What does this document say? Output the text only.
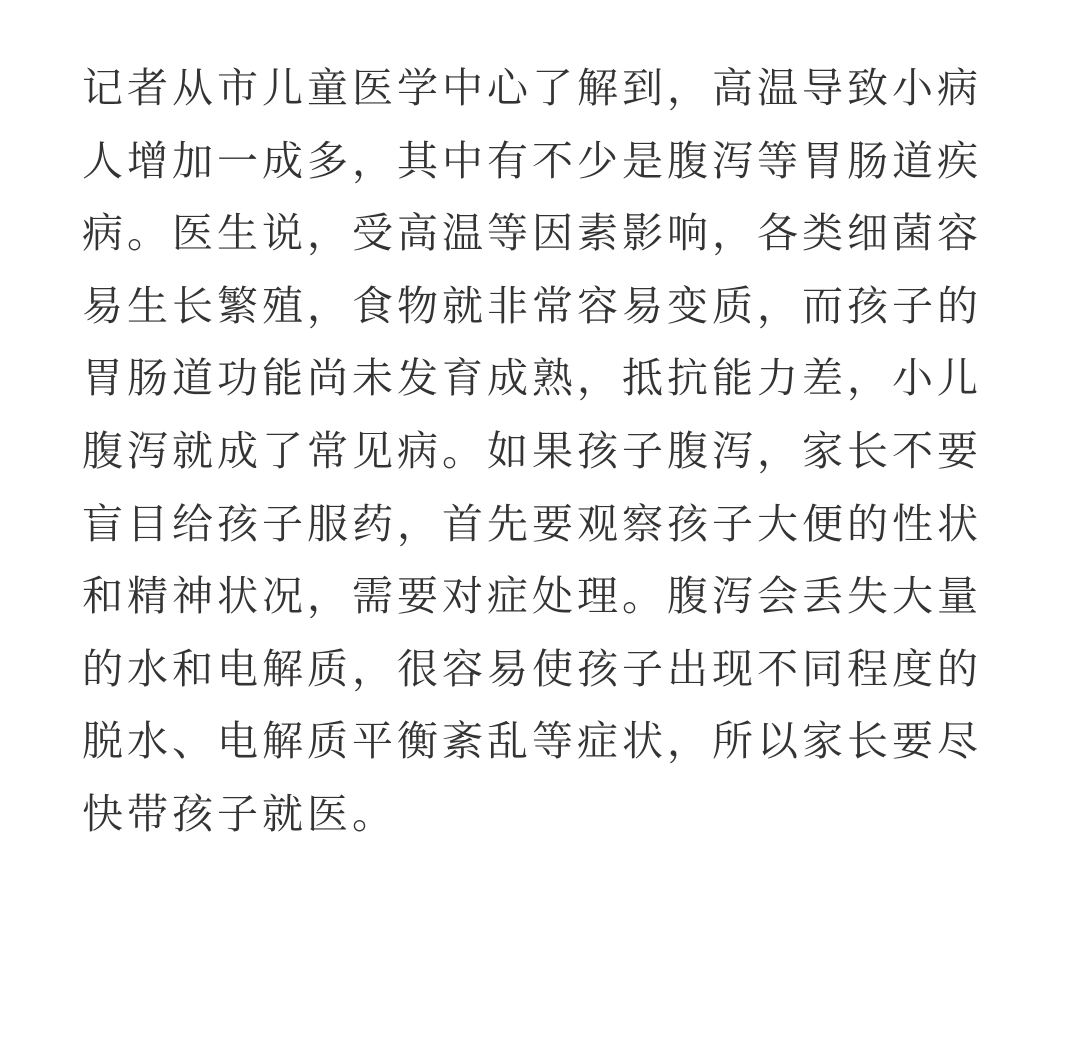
记者从市儿童医学中心了解到，高温导致小病
人增加一成多，其中有不少是腹泻等胃肠道疾
病。医生说，受高温等因素影响，各类细菌容
易生长繁殖，食物就非常容易变质，而孩子的
胃肠道功能尚未发育成熟，抵抗能力差，小儿
腹泻就成了常见病。如果孩子腹泻，家长不要
盲目给孩子服药，首先要观察孩子大便的性状
和精神状况，需要对症处理。腹泻会丢失大量
的水和电解质，很容易使孩子出现不同程度的
脱水、电解质平衡紊乱等症状，所以家长要尽
快带孩子就医。
